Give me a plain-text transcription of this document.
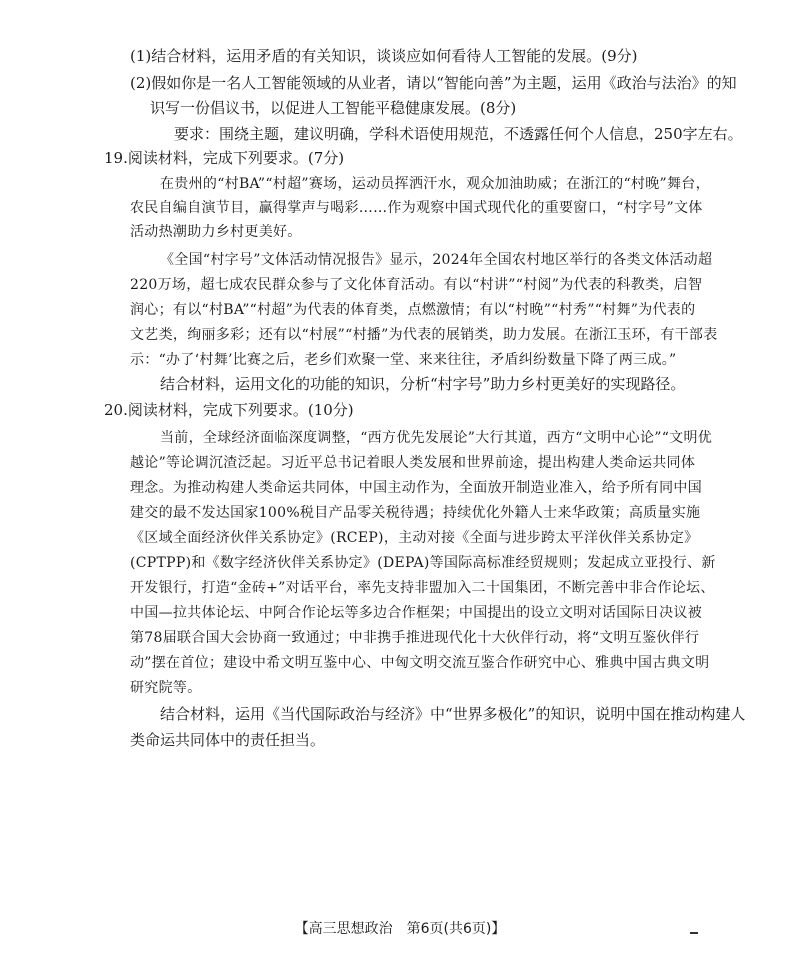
(1)结合材料，运用矛盾的有关知识，谈谈应如何看待人工智能的发展。(9分)
(2)假如你是一名人工智能领域的从业者，请以“智能向善”为主题，运用《政治与法治》的知
识写一份倡议书，以促进人工智能平稳健康发展。(8分)
要求：围绕主题，建议明确，学科术语使用规范，不透露任何个人信息，250字左右。
19.阅读材料，完成下列要求。(7分)
在贵州的“村BA”“村超”赛场，运动员挥洒汗水，观众加油助威；在浙江的“村晚”舞台，
农民自编自演节目，赢得掌声与喝彩……作为观察中国式现代化的重要窗口，“村字号”文体
活动热潮助力乡村更美好。
《全国“村字号”文体活动情况报告》显示，2024年全国农村地区举行的各类文体活动超
220万场，超七成农民群众参与了文化体育活动。有以“村讲”“村阅”为代表的科教类，启智
润心；有以“村BA”“村超”为代表的体育类，点燃激情；有以“村晚”“村秀”“村舞”为代表的
文艺类，绚丽多彩；还有以“村展”“村播”为代表的展销类，助力发展。在浙江玉环，有干部表
示：“办了‘村舞’比赛之后，老乡们欢聚一堂、来来往往，矛盾纠纷数量下降了两三成。”
结合材料，运用文化的功能的知识，分析“村字号”助力乡村更美好的实现路径。
20.阅读材料，完成下列要求。(10分)
当前，全球经济面临深度调整，“西方优先发展论”大行其道，西方“文明中心论”“文明优
越论”等论调沉渣泛起。习近平总书记着眼人类发展和世界前途，提出构建人类命运共同体
理念。为推动构建人类命运共同体，中国主动作为，全面放开制造业准入，给予所有同中国
建交的最不发达国家100%税目产品零关税待遇；持续优化外籍人士来华政策；高质量实施
《区域全面经济伙伴关系协定》(RCEP)，主动对接《全面与进步跨太平洋伙伴关系协定》
(CPTPP)和《数字经济伙伴关系协定》(DEPA)等国际高标准经贸规则；发起成立亚投行、新
开发银行，打造“金砖+”对话平台，率先支持非盟加入二十国集团，不断完善中非合作论坛、
中国—拉共体论坛、中阿合作论坛等多边合作框架；中国提出的设立文明对话国际日决议被
第78届联合国大会协商一致通过；中非携手推进现代化十大伙伴行动，将“文明互鉴伙伴行
动”摆在首位；建设中希文明互鉴中心、中匈文明交流互鉴合作研究中心、雅典中国古典文明
研究院等。
结合材料，运用《当代国际政治与经济》中“世界多极化”的知识，说明中国在推动构建人
类命运共同体中的责任担当。
【高三思想政治　第6页(共6页)】
